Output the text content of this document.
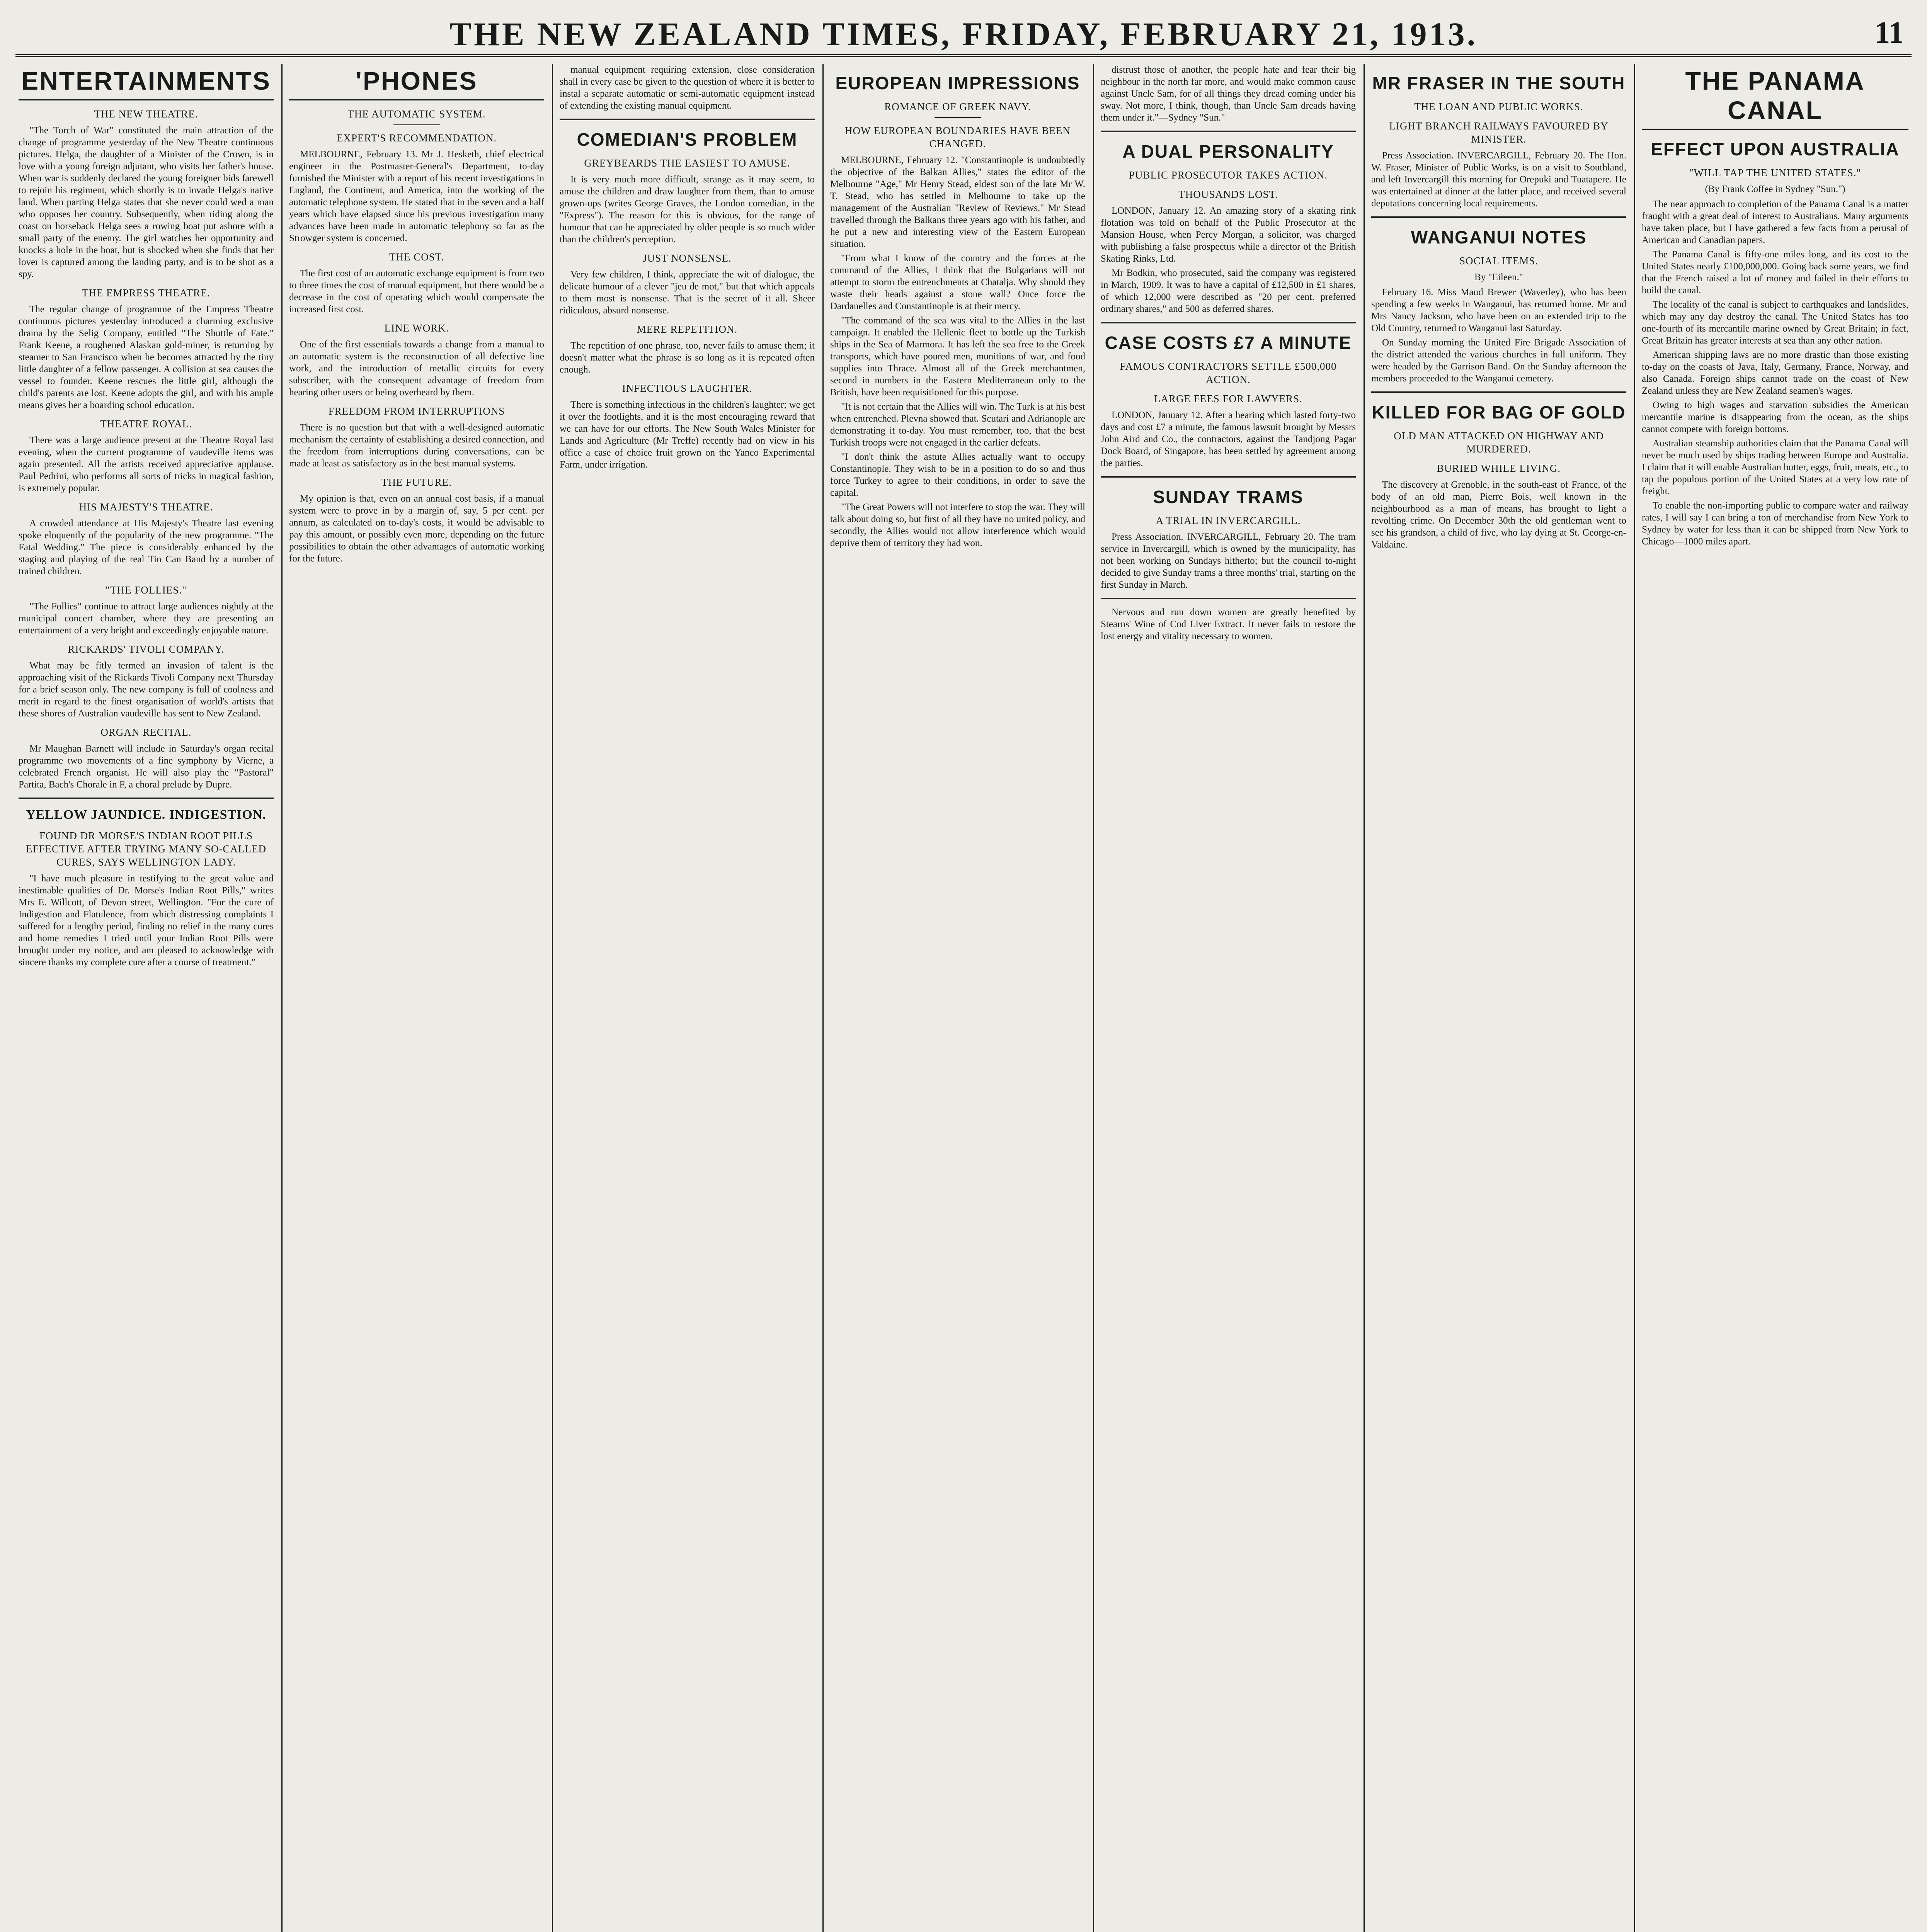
THE NEW ZEALAND TIMES, FRIDAY, FEBRUARY 21, 1913.	11
ENTERTAINMENTS
THE NEW THEATRE.

"The Torch of War" constituted the main attraction of the change of programme yesterday of the New Theatre continuous pictures. Helga, the daughter of a Minister of the Crown, is in love with a young foreign adjutant, who visits her father's house. When war is suddenly declared the young foreigner bids farewell to rejoin his regiment, which shortly is to invade Helga's native land. When parting Helga states that she never could wed a man who opposes her country. Subsequently, when riding along the coast on horseback Helga sees a rowing boat put ashore with a small party of the enemy. The girl watches her opportunity and knocks a hole in the boat, but is shocked when she finds that her lover is captured among the landing party, and is to be shot as a spy.

THE EMPRESS THEATRE.

The regular change of programme of the Empress Theatre continuous pictures yesterday introduced a charming exclusive drama by the Selig Company, entitled "The Shuttle of Fate." Frank Keene, a roughened Alaskan gold-miner, is returning by steamer to San Francisco when he becomes attracted by the tiny little daughter of a fellow passenger. A collision at sea causes the vessel to founder. Keene rescues the little girl, although the child's parents are lost. Keene adopts the girl, and with his ample means gives her a boarding school education.

THEATRE ROYAL.

There was a large audience present at the Theatre Royal last evening, when the current programme of vaudeville items was again presented. All the artists received appreciative applause. Paul Pedrini, who performs all sorts of tricks in magical fashion, is extremely popular.

HIS MAJESTY'S THEATRE.

A crowded attendance at His Majesty's Theatre last evening spoke eloquently of the popularity of the new programme. "The Fatal Wedding." The piece is considerably enhanced by the staging and playing of the real Tin Can Band by a number of trained children.

"THE FOLLIES."

"The Follies" continue to attract large audiences nightly at the municipal concert chamber, where they are presenting an entertainment of a very bright and exceedingly enjoyable nature.

RICKARDS' TIVOLI COMPANY.

What may be fitly termed an invasion of talent is the approaching visit of the Rickards Tivoli Company next Thursday for a brief season only. The new company is full of coolness and merit in regard to the finest organisation of world's artists that these shores of Australian vaudeville has sent to New Zealand.

ORGAN RECITAL.

Mr Maughan Barnett will include in Saturday's organ recital programme two movements of a fine symphony by Vierne, a celebrated French organist. He will also play the "Pastoral" Partita, Bach's Chorale in F, a choral prelude by Dupre.

YELLOW JAUNDICE. INDIGESTION.
FOUND DR MORSE'S INDIAN ROOT PILLS EFFECTIVE AFTER TRYING MANY SO-CALLED CURES, SAYS WELLINGTON LADY.

"I have much pleasure in testifying to the great value and inestimable qualities of Dr. Morse's Indian Root Pills," writes Mrs E. Willcott, of Devon street, Wellington. "For the cure of Indigestion and Flatulence, from which distressing complaints I suffered for a lengthy period, finding no relief in the many cures and home remedies I tried until your Indian Root Pills were brought under my notice, and am pleased to acknowledge with sincere thanks my complete cure after a course of treatment."

'PHONES
THE AUTOMATIC SYSTEM.
EXPERT'S RECOMMENDATION.

MELBOURNE, February 13. Mr J. Hesketh, chief electrical engineer in the Postmaster-General's Department, to-day furnished the Minister with a report of his recent investigations in England, the Continent, and America, into the working of the automatic telephone system. He stated that in the seven and a half years which have elapsed since his previous investigation many advances have been made in automatic telephony so far as the Strowger system is concerned.

THE COST.

The first cost of an automatic exchange equipment is from two to three times the cost of manual equipment, but there would be a decrease in the cost of operating which would compensate the increased first cost.

LINE WORK.

One of the first essentials towards a change from a manual to an automatic system is the reconstruction of all defective line work, and the introduction of metallic circuits for every subscriber, with the consequent advantage of freedom from hearing other users or being overheard by them.

FREEDOM FROM INTERRUPTIONS

There is no question but that with a well-designed automatic mechanism the certainty of establishing a desired connection, and the freedom from interruptions during conversations, can be made at least as satisfactory as in the best manual systems.

THE FUTURE.

My opinion is that, even on an annual cost basis, if a manual system were to prove in by a margin of, say, 5 per cent. per annum, as calculated on to-day's costs, it would be advisable to pay this amount, or possibly even more, depending on the future possibilities to obtain the other advantages of automatic working for the future.

manual equipment requiring extension, close consideration shall in every case be given to the question of where it is better to instal a separate automatic or semi-automatic equipment instead of extending the existing manual equipment.

COMEDIAN'S PROBLEM
GREYBEARDS THE EASIEST TO AMUSE.

It is very much more difficult, strange as it may seem, to amuse the children and draw laughter from them, than to amuse grown-ups (writes George Graves, the London comedian, in the "Express"). The reason for this is obvious, for the range of humour that can be appreciated by older people is so much wider than the children's perception.

JUST NONSENSE.

Very few children, I think, appreciate the wit of dialogue, the delicate humour of a clever "jeu de mot," but that which appeals to them most is nonsense. That is the secret of it all. Sheer ridiculous, absurd nonsense.

MERE REPETITION.

The repetition of one phrase, too, never fails to amuse them; it doesn't matter what the phrase is so long as it is repeated often enough.

INFECTIOUS LAUGHTER.

There is something infectious in the children's laughter; we get it over the footlights, and it is the most encouraging reward that we can have for our efforts. The New South Wales Minister for Lands and Agriculture (Mr Treffe) recently had on view in his office a case of choice fruit grown on the Yanco Experimental Farm, under irrigation.

EUROPEAN IMPRESSIONS
ROMANCE OF GREEK NAVY.
HOW EUROPEAN BOUNDARIES HAVE BEEN CHANGED.

MELBOURNE, February 12. "Constantinople is undoubtedly the objective of the Balkan Allies," states the editor of the Melbourne "Age," Mr Henry Stead, eldest son of the late Mr W. T. Stead, who has settled in Melbourne to take up the management of the Australian "Review of Reviews." Mr Stead travelled through the Balkans three years ago with his father, and he put a new and interesting view of the Eastern European situation.

"From what I know of the country and the forces at the command of the Allies, I think that the Bulgarians will not attempt to storm the entrenchments at Chatalja. Why should they waste their heads against a stone wall? Once force the Dardanelles and Constantinople is at their mercy.

"The command of the sea was vital to the Allies in the last campaign. It enabled the Hellenic fleet to bottle up the Turkish ships in the Sea of Marmora. It has left the sea free to the Greek transports, which have poured men, munitions of war, and food supplies into Thrace. Almost all of the Greek merchantmen, second in numbers in the Eastern Mediterranean only to the British, have been requisitioned for this purpose.

"It is not certain that the Allies will win. The Turk is at his best when entrenched. Plevna showed that. Scutari and Adrianople are demonstrating it to-day. You must remember, too, that the best Turkish troops were not engaged in the earlier defeats.

"I don't think the astute Allies actually want to occupy Constantinople. They wish to be in a position to do so and thus force Turkey to agree to their conditions, in order to save the capital.

"The Great Powers will not interfere to stop the war. They will talk about doing so, but first of all they have no united policy, and secondly, the Allies would not allow interference which would deprive them of territory they had won.

distrust those of another, the people hate and fear their big neighbour in the north far more, and would make common cause against Uncle Sam, for of all things they dread coming under his sway. Not more, I think, though, than Uncle Sam dreads having them under it."—Sydney "Sun."

A DUAL PERSONALITY
PUBLIC PROSECUTOR TAKES ACTION.
THOUSANDS LOST.

LONDON, January 12. An amazing story of a skating rink flotation was told on behalf of the Public Prosecutor at the Mansion House, when Percy Morgan, a solicitor, was charged with publishing a false prospectus while a director of the British Skating Rinks, Ltd.

Mr Bodkin, who prosecuted, said the company was registered in March, 1909. It was to have a capital of £12,500 in £1 shares, of which 12,000 were described as "20 per cent. preferred ordinary shares," and 500 as deferred shares.

CASE COSTS £7 A MINUTE
FAMOUS CONTRACTORS SETTLE £500,000 ACTION.
LARGE FEES FOR LAWYERS.

LONDON, January 12. After a hearing which lasted forty-two days and cost £7 a minute, the famous lawsuit brought by Messrs John Aird and Co., the contractors, against the Tandjong Pagar Dock Board, of Singapore, has been settled by agreement among the parties.

SUNDAY TRAMS
A TRIAL IN INVERCARGILL.

Press Association. INVERCARGILL, February 20. The tram service in Invercargill, which is owned by the municipality, has not been working on Sundays hitherto; but the council to-night decided to give Sunday trams a three months' trial, starting on the first Sunday in March.

Nervous and run down women are greatly benefited by Stearns' Wine of Cod Liver Extract. It never fails to restore the lost energy and vitality necessary to women.

MR FRASER IN THE SOUTH
THE LOAN AND PUBLIC WORKS.
LIGHT BRANCH RAILWAYS FAVOURED BY MINISTER.

Press Association. INVERCARGILL, February 20. The Hon. W. Fraser, Minister of Public Works, is on a visit to Southland, and left Invercargill this morning for Orepuki and Tuatapere. He was entertained at dinner at the latter place, and received several deputations concerning local requirements.

WANGANUI NOTES
SOCIAL ITEMS.
By "Eileen."

February 16. Miss Maud Brewer (Waverley), who has been spending a few weeks in Wanganui, has returned home. Mr and Mrs Nancy Jackson, who have been on an extended trip to the Old Country, returned to Wanganui last Saturday.

On Sunday morning the United Fire Brigade Association of the district attended the various churches in full uniform. They were headed by the Garrison Band. On the Sunday afternoon the members proceeded to the Wanganui cemetery.

KILLED FOR BAG OF GOLD
OLD MAN ATTACKED ON HIGHWAY AND MURDERED.
BURIED WHILE LIVING.

The discovery at Grenoble, in the south-east of France, of the body of an old man, Pierre Bois, well known in the neighbourhood as a man of means, has brought to light a revolting crime. On December 30th the old gentleman went to see his grandson, a child of five, who lay dying at St. George-en-Valdaine.

THE PANAMA CANAL
EFFECT UPON AUSTRALIA
"WILL TAP THE UNITED STATES."
(By Frank Coffee in Sydney "Sun.")

The near approach to completion of the Panama Canal is a matter fraught with a great deal of interest to Australians. Many arguments have taken place, but I have gathered a few facts from a perusal of American and Canadian papers.

The Panama Canal is fifty-one miles long, and its cost to the United States nearly £100,000,000. Going back some years, we find that the French raised a lot of money and failed in their efforts to build the canal.

The locality of the canal is subject to earthquakes and landslides, which may any day destroy the canal. The United States has too one-fourth of its mercantile marine owned by Great Britain; in fact, Great Britain has greater interests at sea than any other nation.

American shipping laws are no more drastic than those existing to-day on the coasts of Java, Italy, Germany, France, Norway, and also Canada. Foreign ships cannot trade on the coast of New Zealand unless they are New Zealand seamen's wages.

Owing to high wages and starvation subsidies the American mercantile marine is disappearing from the ocean, as the ships cannot compete with foreign bottoms.

Australian steamship authorities claim that the Panama Canal will never be much used by ships trading between Europe and Australia. I claim that it will enable Australian butter, eggs, fruit, meats, etc., to tap the populous portion of the United States at a very low rate of freight.

To enable the non-importing public to compare water and railway rates, I will say I can bring a ton of merchandise from New York to Sydney by water for less than it can be shipped from New York to Chicago—1000 miles apart.
